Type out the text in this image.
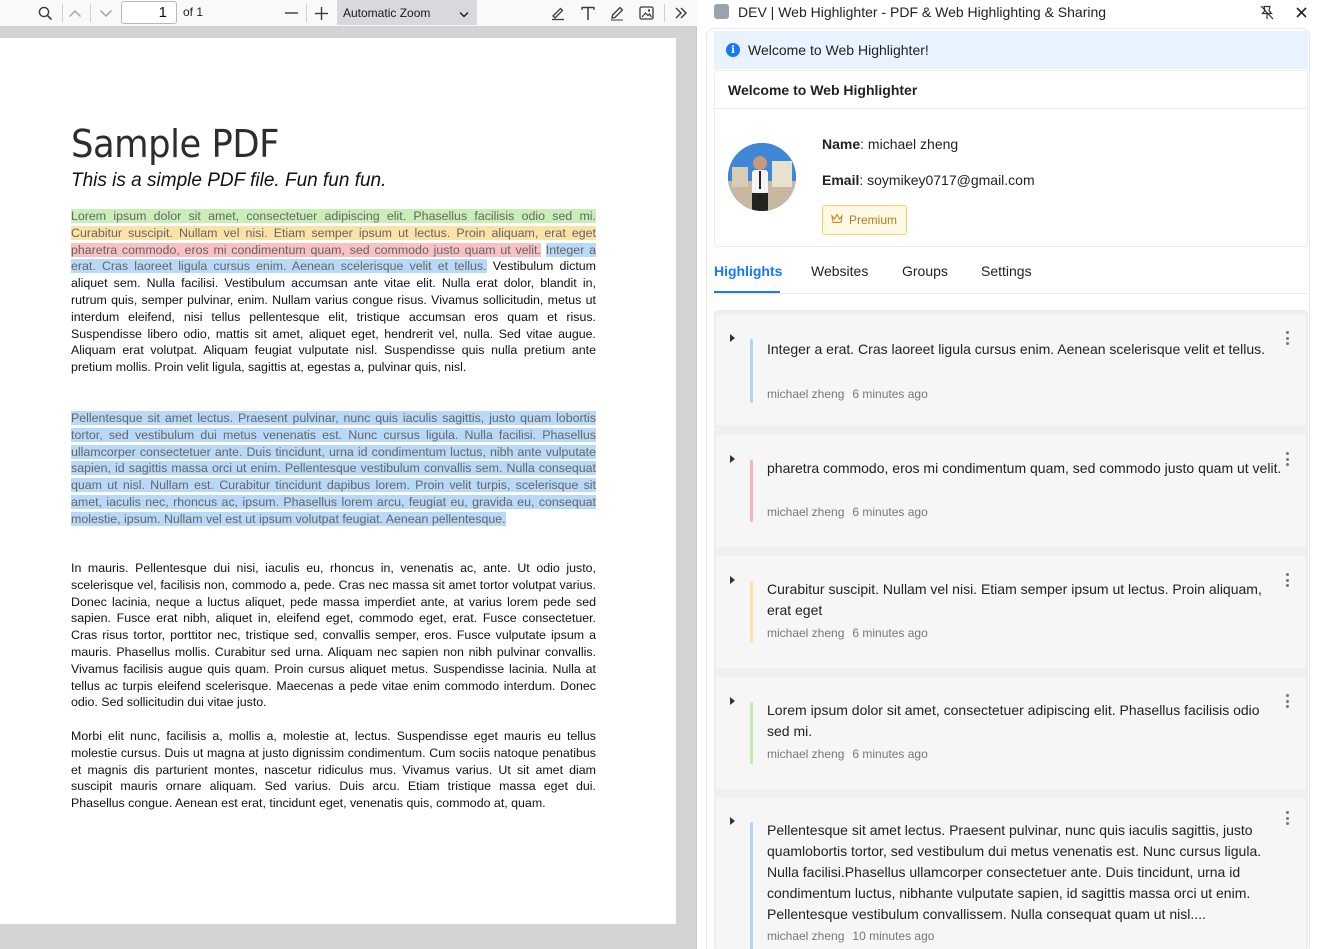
1
of 1	Automatic Zoom
Sample PDF
This is a simple PDF file. Fun fun fun.
Lorem ipsum dolor sit amet, consectetuer adipiscing elit. Phasellus facilisis odio sed mi. Curabitur suscipit. Nullam vel nisi. Etiam semper ipsum ut lectus. Proin aliquam, erat eget pharetra commodo, eros mi condimentum quam, sed commodo justo quam ut velit. Integer a erat. Cras laoreet ligula cursus enim. Aenean scelerisque velit et tellus. Vestibulum dictum aliquet sem. Nulla facilisi. Vestibulum accumsan ante vitae elit. Nulla erat dolor, blandit in, rutrum quis, semper pulvinar, enim. Nullam varius congue risus. Vivamus sollicitudin, metus ut interdum eleifend, nisi tellus pellentesque elit, tristique accumsan eros quam et risus. Suspendisse libero odio, mattis sit amet, aliquet eget, hendrerit vel, nulla. Sed vitae augue. Aliquam erat volutpat. Aliquam feugiat vulputate nisl. Suspendisse quis nulla pretium ante pretium mollis. Proin velit ligula, sagittis at, egestas a, pulvinar quis, nisl.
Pellentesque sit amet lectus. Praesent pulvinar, nunc quis iaculis sagittis, justo quam lobortis tortor, sed vestibulum dui metus venenatis est. Nunc cursus ligula. Nulla facilisi. Phasellus ullamcorper consectetuer ante. Duis tincidunt, urna id condimentum luctus, nibh ante vulputate sapien, id sagittis massa orci ut enim. Pellentesque vestibulum convallis sem. Nulla consequat quam ut nisl. Nullam est. Curabitur tincidunt dapibus lorem. Proin velit turpis, scelerisque sit amet, iaculis nec, rhoncus ac, ipsum. Phasellus lorem arcu, feugiat eu, gravida eu, consequat molestie, ipsum. Nullam vel est ut ipsum volutpat feugiat. Aenean pellentesque.
In mauris. Pellentesque dui nisi, iaculis eu, rhoncus in, venenatis ac, ante. Ut odio justo, scelerisque vel, facilisis non, commodo a, pede. Cras nec massa sit amet tortor volutpat varius. Donec lacinia, neque a luctus aliquet, pede massa imperdiet ante, at varius lorem pede sed sapien. Fusce erat nibh, aliquet in, eleifend eget, commodo eget, erat. Fusce consectetuer. Cras risus tortor, porttitor nec, tristique sed, convallis semper, eros. Fusce vulputate ipsum a mauris. Phasellus mollis. Curabitur sed urna. Aliquam nec sapien non nibh pulvinar convallis. Vivamus facilisis augue quis quam. Proin cursus aliquet metus. Suspendisse lacinia. Nulla at tellus ac turpis eleifend scelerisque. Maecenas a pede vitae enim commodo interdum. Donec odio. Sed sollicitudin dui vitae justo.
Morbi elit nunc, facilisis a, mollis a, molestie at, lectus. Suspendisse eget mauris eu tellus molestie cursus. Duis ut magna at justo dignissim condimentum. Cum sociis natoque penatibus et magnis dis parturient montes, nascetur ridiculus mus. Vivamus varius. Ut sit amet diam suscipit mauris ornare aliquam. Sed varius. Duis arcu. Etiam tristique massa eget dui. Phasellus congue. Aenean est erat, tincidunt eget, venenatis quis, commodo at, quam.
DEV | Web Highlighter - PDF & Web Highlighting & Sharing
i Welcome to Web Highlighter!
Welcome to Web Highlighter
Name: michael zheng
Email: soymikey0717@gmail.com
Premium
Highlights Websites Groups Settings
Integer a erat. Cras laoreet ligula cursus enim. Aenean scelerisque velit et tellus.
michael zheng 6 minutes ago
pharetra commodo, eros mi condimentum quam, sed commodo justo quam ut velit.
michael zheng 6 minutes ago
Curabitur suscipit. Nullam vel nisi. Etiam semper ipsum ut lectus. Proin aliquam, erat eget
michael zheng 6 minutes ago
Lorem ipsum dolor sit amet, consectetuer adipiscing elit. Phasellus facilisis odio sed mi.
michael zheng 6 minutes ago
Pellentesque sit amet lectus. Praesent pulvinar, nunc quis iaculis sagittis, justo quamlobortis tortor, sed vestibulum dui metus venenatis est. Nunc cursus ligula. Nulla facilisi.Phasellus ullamcorper consectetuer ante. Duis tincidunt, urna id condimentum luctus, nibhante vulputate sapien, id sagittis massa orci ut enim. Pellentesque vestibulum convallissem. Nulla consequat quam ut nisl....
michael zheng 10 minutes ago
